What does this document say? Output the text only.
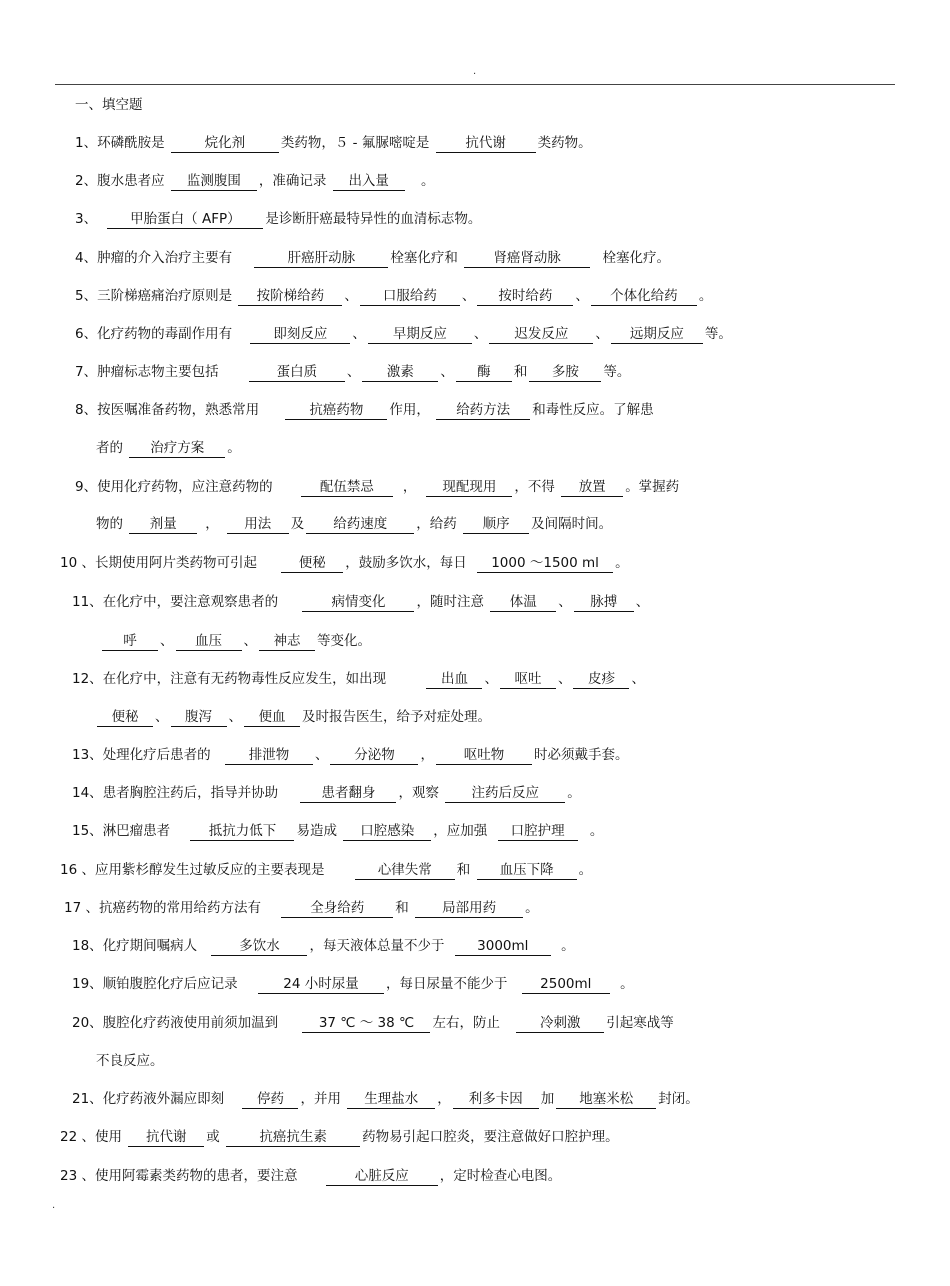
.
一、填空题
1、环磷酰胺是	烷化剂	类药物，５ - 氟脲嘧啶是	抗代谢 类药物。
2、腹水患者应 监测腹围 ，准确记录 出入量 。
3、 甲胎蛋白（ AFP） 是诊断肝癌最特异性的血清标志物。
4、肿瘤的介入治疗主要有	肝癌肝动脉	栓塞化疗和	肾癌肾动脉	栓塞化疗。
5、三阶梯癌痛治疗原则是 按阶梯给药 、 口服给药 、 按时给药 、 个体化给药 。
6、化疗药物的毒副作用有	即刻反应 、 早期反应 、 迟发反应 、 远期反应 等。
7、肿瘤标志物主要包括	蛋白质 、 激素 、 酶 和 多胺 等。
8、按医嘱准备药物，熟悉常用	抗癌药物 作用， 给药方法 和毒性反应。了解患
者的 治疗方案 。
9、使用化疗药物，应注意药物的	配伍禁忌 ， 现配现用 ，不得 放置 。掌握药
物的 剂量 ， 用法 及 给药速度 ，给药 顺序 及间隔时间。
10 、长期使用阿片类药物可引起	便秘 ，鼓励多饮水，每日 1000 ～1500 ml 。
11、在化疗中，要注意观察患者的	病情变化 ，随时注意 体温 、 脉搏 、
呼 、 血压 、 神志 等变化。
12、在化疗中，注意有无药物毒性反应发生，如出现	出血 、 呕吐 、 皮疹 、
便秘 、 腹泻 、 便血 及时报告医生，给予对症处理。
13、处理化疗后患者的	排泄物 、 分泌物 ， 呕吐物 时必须戴手套。
14、患者胸腔注药后，指导并协助	患者翻身 ，观察 注药后反应 。
15、淋巴瘤患者	抵抗力低下 易造成 口腔感染 ，应加强 口腔护理 。
16 、应用紫杉醇发生过敏反应的主要表现是	心律失常 和 血压下降 。
17 、抗癌药物的常用给药方法有	全身给药 和 局部用药 。
18、化疗期间嘱病人	多饮水 ，每天液体总量不少于 3000ml 。
19、顺铂腹腔化疗后应记录	24 小时尿量 ，每日尿量不能少于 2500ml 。
20、腹腔化疗药液使用前须加温到	37 ℃ ～ 38 ℃ 左右，防止	冷刺激 引起寒战等
不良反应。
21、化疗药液外漏应即刻 停药 ，并用 生理盐水 ， 利多卡因 加 地塞米松 封闭。
22 、使用 抗代谢 或	抗癌抗生素	药物易引起口腔炎，要注意做好口腔护理。
23 、使用阿霉素类药物的患者，要注意	心脏反应 ，定时检查心电图。
.
